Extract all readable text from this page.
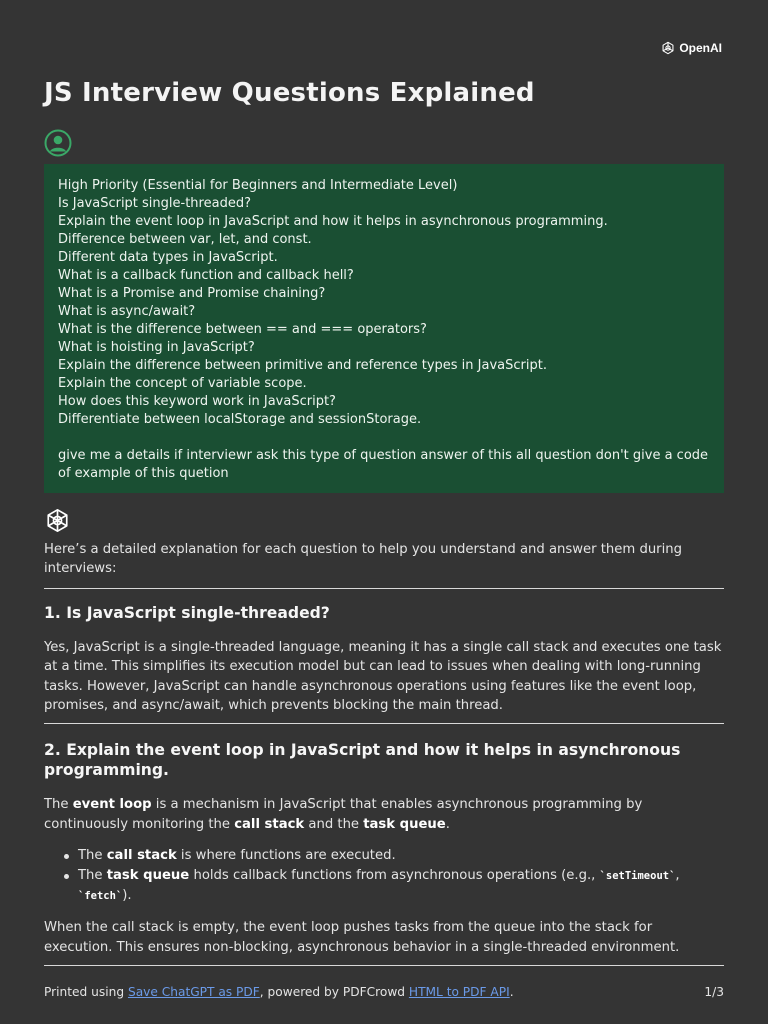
OpenAI
JS Interview Questions Explained
High Priority (Essential for Beginners and Intermediate Level)
Is JavaScript single-threaded?
Explain the event loop in JavaScript and how it helps in asynchronous programming.
Difference between var, let, and const.
Different data types in JavaScript.
What is a callback function and callback hell?
What is a Promise and Promise chaining?
What is async/await?
What is the difference between == and === operators?
What is hoisting in JavaScript?
Explain the difference between primitive and reference types in JavaScript.
Explain the concept of variable scope.
How does this keyword work in JavaScript?
Differentiate between localStorage and sessionStorage.
give me a details if interviewr ask this type of question answer of this all question don't give a code
of example of this quetion

Here’s a detailed explanation for each question to help you understand and answer them during interviews:

1. Is JavaScript single-threaded?

Yes, JavaScript is a single-threaded language, meaning it has a single call stack and executes one task at a time. This simplifies its execution model but can lead to issues when dealing with long-running tasks. However, JavaScript can handle asynchronous operations using features like the event loop, promises, and async/await, which prevents blocking the main thread.

2. Explain the event loop in JavaScript and how it helps in asynchronous programming.

The event loop is a mechanism in JavaScript that enables asynchronous programming by continuously monitoring the call stack and the task queue.

The call stack is where functions are executed.
The task queue holds callback functions from asynchronous operations (e.g., `setTimeout`, `fetch`).

When the call stack is empty, the event loop pushes tasks from the queue into the stack for execution. This ensures non-blocking, asynchronous behavior in a single-threaded environment.

Printed using Save ChatGPT as PDF, powered by PDFCrowd HTML to PDF API.	1/3
